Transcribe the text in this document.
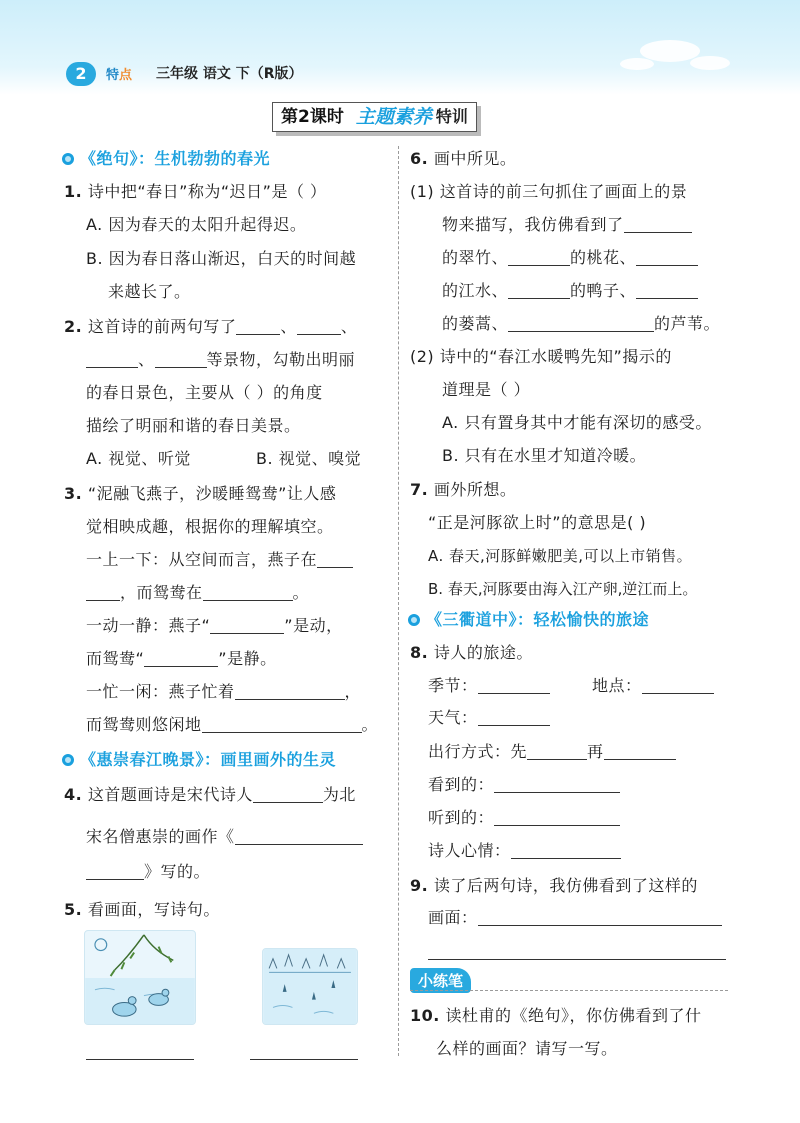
2	特点 三年级 语文 下（R版）
第2课时 主题素养 特训
《绝句》：生机勃勃的春光
1. 诗中把“春日”称为“迟日”是（ ）
A. 因为春天的太阳升起得迟。
B. 因为春日落山渐迟，白天的时间越
来越长了。
2. 这首诗的前两句写了	、	、
、	等景物，勾勒出明丽
的春日景色，主要从（ ）的角度
描绘了明丽和谐的春日美景。
A. 视觉、听觉	B. 视觉、嗅觉
3. “泥融飞燕子，沙暖睡鸳鸯”让人感
觉相映成趣，根据你的理解填空。
一上一下：从空间而言，燕子在
，而鸳鸯在	。
一动一静：燕子“	”是动，
而鸳鸯“	”是静。
一忙一闲：燕子忙着	，
而鸳鸯则悠闲地	。
《惠崇春江晚景》：画里画外的生灵
4. 这首题画诗是宋代诗人	为北
宋名僧惠崇的画作《
》写的。
5. 看画面，写诗句。
6. 画中所见。
(1) 这首诗的前三句抓住了画面上的景
物来描写，我仿佛看到了
的翠竹、	的桃花、
的江水、	的鸭子、
的蒌蒿、	的芦苇。
(2) 诗中的“春江水暖鸭先知”揭示的
道理是（ ）
A. 只有置身其中才能有深切的感受。
B. 只有在水里才知道冷暖。
7. 画外所想。
“正是河豚欲上时”的意思是( )
A. 春天,河豚鲜嫩肥美,可以上市销售。
B. 春天,河豚要由海入江产卵,逆江而上。
《三衢道中》：轻松愉快的旅途
8. 诗人的旅途。
季节：	地点：
天气：
出行方式：先	再
看到的：
听到的：
诗人心情：
9. 读了后两句诗，我仿佛看到了这样的
画面：
小练笔
10. 读杜甫的《绝句》，你仿佛看到了什
么样的画面？请写一写。
